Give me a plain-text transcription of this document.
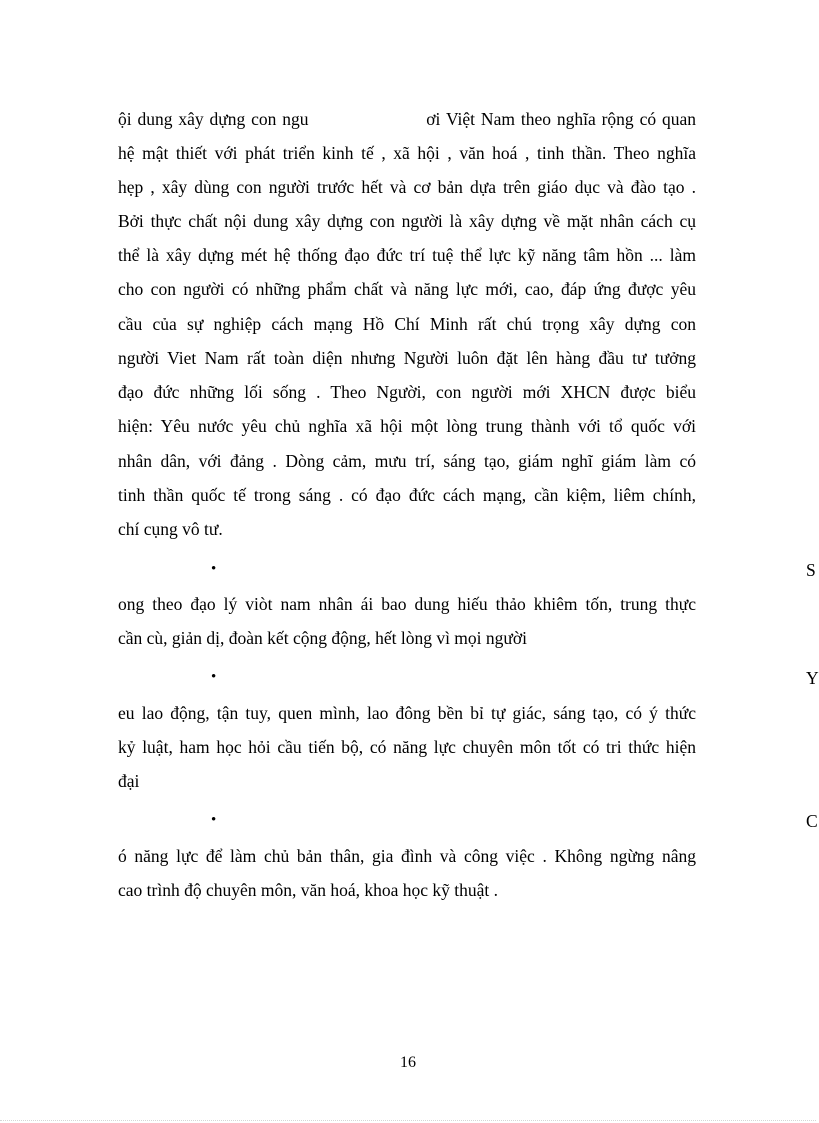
ội dung xây dựng con ngu                    ơi Việt Nam theo nghĩa rộng có quan
hệ mật thiết với phát triển kinh tế , xã hội , văn hoá , tinh thần. Theo nghĩa
hẹp , xây dùng con người trước hết và cơ bản dựa trên giáo dục và đào tạo .
Bởi thực chất nội dung xây dựng con người là xây dựng về mặt nhân cách cụ
thể là xây dựng mét hệ thống đạo đức trí tuệ thể lực kỹ năng tâm hồn ... làm
cho con người có những phẩm chất và năng lực mới, cao, đáp ứng được yêu
cầu của sự nghiệp cách mạng Hồ Chí Minh rất chú trọng xây dựng con
người Viet Nam rất toàn diện nhưng Người luôn đặt lên hàng đầu tư tưởng
đạo đức những lối sống . Theo Người, con người mới XHCN được biểu
hiện: Yêu nước yêu chủ nghĩa xã hội một lòng trung thành với tổ quốc với
nhân dân, với đảng . Dòng cảm, mưu trí, sáng tạo, giám nghĩ giám làm có
tinh thần quốc tế trong sáng . có đạo đức cách mạng, cần kiệm, liêm chính,
chí cụng vô tư.
•	S
ong theo đạo lý viòt nam nhân ái bao dung hiếu thảo khiêm tốn, trung thực
cần cù, giản dị, đoàn kết cộng động, hết lòng vì mọi người
•	Y
eu lao động, tận tuy, quen mình, lao đông bền bỉ tự giác, sáng tạo, có ý thức
kỷ luật, ham học hỏi cầu tiến bộ, có năng lực chuyên môn tốt có tri thức hiện
đại
•	C
ó năng lực để làm chủ bản thân, gia đình và công việc . Không ngừng nâng
cao trình độ chuyên môn, văn hoá, khoa học kỹ thuật .
16
